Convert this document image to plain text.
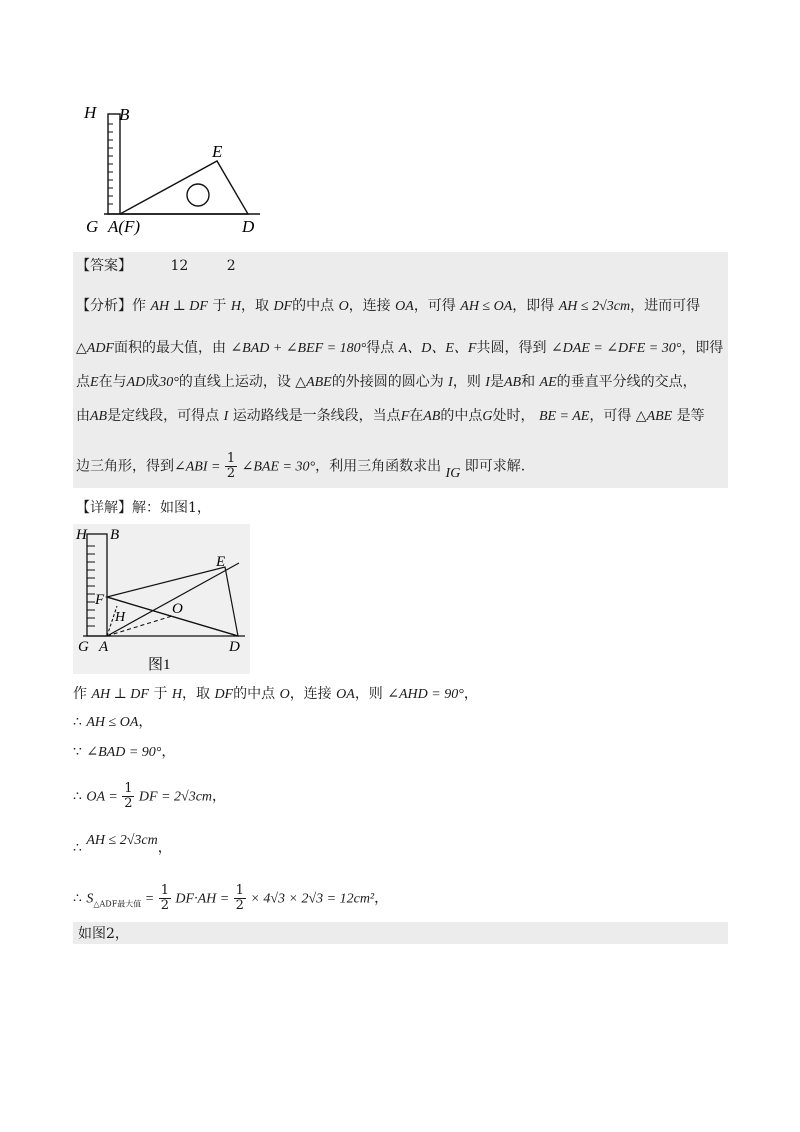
H B
E
G A(F)	D
【答案】	12	2
【分析】作 AH ⊥ DF 于 H，取 DF的中点 O，连接 OA，可得 AH ≤ OA，即得 AH ≤ 2√3cm，进而可得
△ADF面积的最大值，由 ∠BAD + ∠BEF = 180°得点 A、D、E、F共圆，得到 ∠DAE = ∠DFE = 30°，即得
点E在与AD成30°的直线上运动，设 △ABE的外接圆的圆心为 I，则 I是AB和 AE的垂直平分线的交点，
由AB是定线段，可得点 I 运动路线是一条线段，当点F在AB的中点G处时， BE = AE，可得 △ABE 是等
边三角形，得到∠ABI = $\frac{1}{2}$ ∠BAE = 30°，利用三角函数求出 IG 即可求解.
【详解】解：如图1，
H B
E
F
H
O
G A	D
图1
作 AH ⊥ DF 于 H，取 DF的中点 O，连接 OA，则 ∠AHD = 90°，
∴ AH ≤ OA，
∵ ∠BAD = 90°，
∴ OA = $\frac{1}{2}$ DF = 2√3cm，
∴ AH ≤ 2√3cm，
∴ $S_{\triangle ADF最大值} = \frac{1}{2} DF\cdot AH = \frac{1}{2} \times 4√3 \times 2√3 = 12cm^2$，
如图2，
